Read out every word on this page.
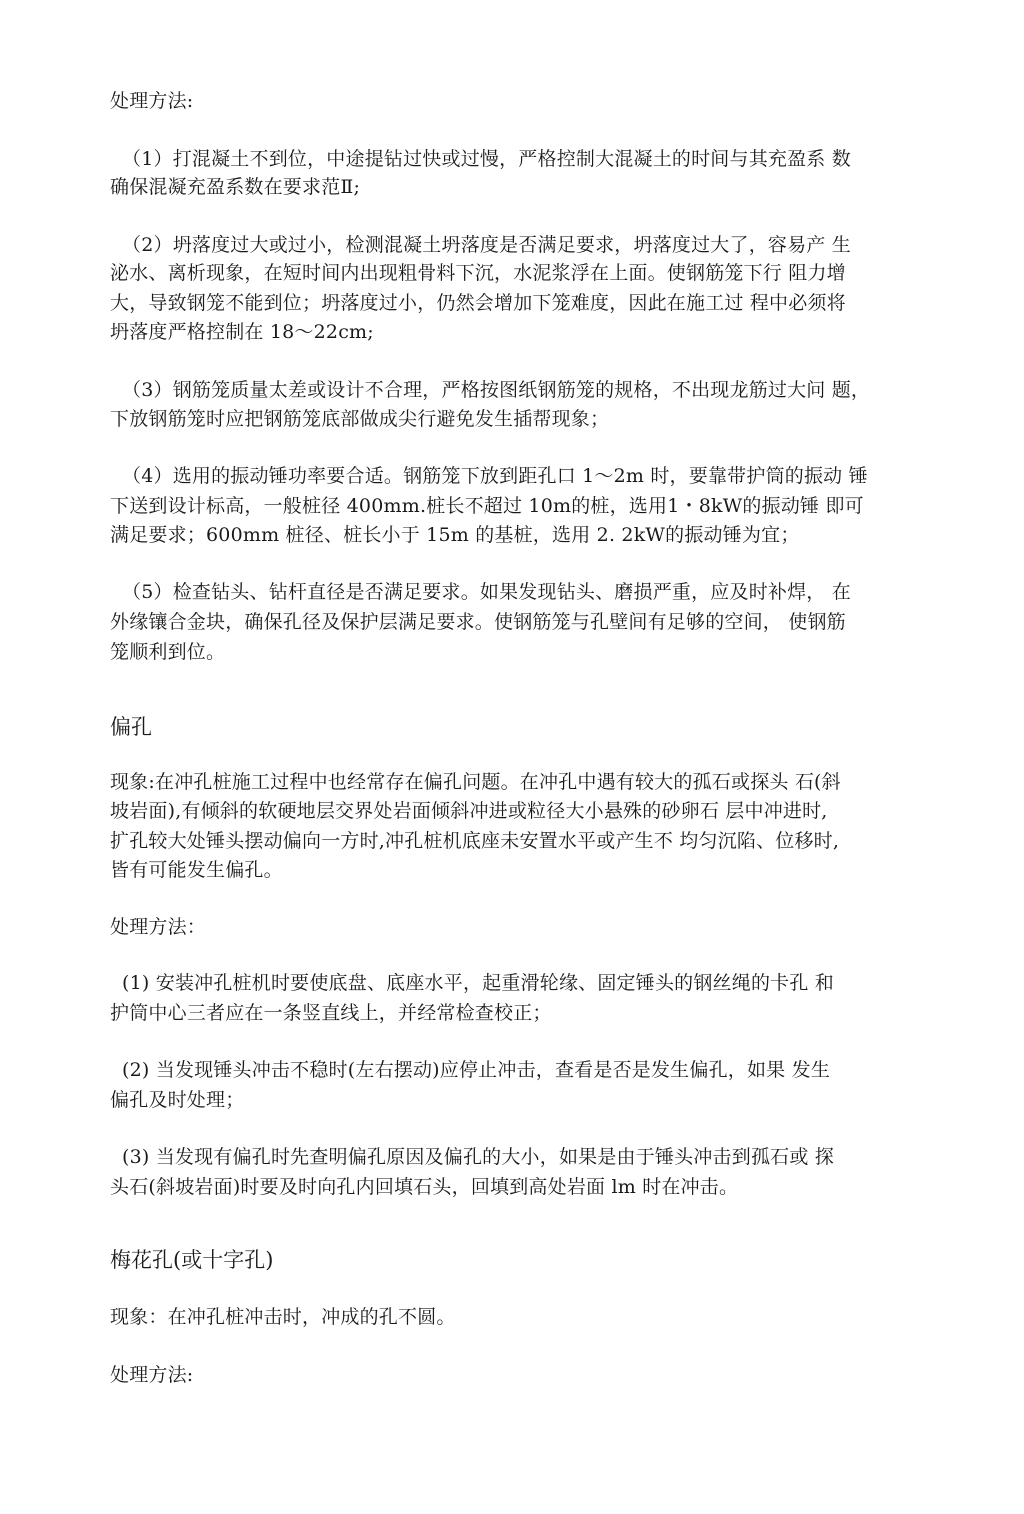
处理方法:
（1）打混凝土不到位，中途提钻过快或过慢，严格控制大混凝土的时间与其充盈系 数
确保混凝充盈系数在要求范Ⅱ;
（2）坍落度过大或过小，检测混凝土坍落度是否满足要求，坍落度过大了，容易产 生
泌水、离析现象，在短时间内出现粗骨料下沉，水泥浆浮在上面。使钢筋笼下行 阻力增
大，导致钢笼不能到位；坍落度过小，仍然会增加下笼难度，因此在施工过 程中必须将
坍落度严格控制在 18～22cm;
（3）钢筋笼质量太差或设计不合理，严格按图纸钢筋笼的规格，不出现龙筋过大问 题，
下放钢筋笼时应把钢筋笼底部做成尖行避免发生插帮现象；
（4）选用的振动锤功率要合适。钢筋笼下放到距孔口 1～2m 时，要靠带护筒的振动 锤
下送到设计标高，一般桩径 400mm.桩长不超过 10m的桩，选用1・8kW的振动锤 即可
满足要求；600mm 桩径、桩长小于 15m 的基桩，选用 2. 2kW的振动锤为宜；
（5）检查钻头、钻杆直径是否满足要求。如果发现钻头、磨损严重，应及时补焊， 在
外缘镶合金块，确保孔径及保护层满足要求。使钢筋笼与孔壁间有足够的空间， 使钢筋
笼顺利到位。
偏孔
现象:在冲孔桩施工过程中也经常存在偏孔问题。在冲孔中遇有较大的孤石或探头 石(斜
坡岩面),有倾斜的软硬地层交界处岩面倾斜冲进或粒径大小悬殊的砂卵石 层中冲进时,
扩孔较大处锤头摆动偏向一方时,冲孔桩机底座未安置水平或产生不 均匀沉陷、位移时,
皆有可能发生偏孔。
处理方法：
(1) 安装冲孔桩机时要使底盘、底座水平，起重滑轮缘、固定锤头的钢丝绳的卡孔 和
护筒中心三者应在一条竖直线上，并经常检查校正；
(2) 当发现锤头冲击不稳时(左右摆动)应停止冲击，查看是否是发生偏孔，如果 发生
偏孔及时处理；
(3) 当发现有偏孔时先查明偏孔原因及偏孔的大小，如果是由于锤头冲击到孤石或 探
头石(斜坡岩面)时要及时向孔内回填石头，回填到高处岩面 lm 时在冲击。
梅花孔(或十字孔)
现象：在冲孔桩冲击时，冲成的孔不圆。
处理方法:
